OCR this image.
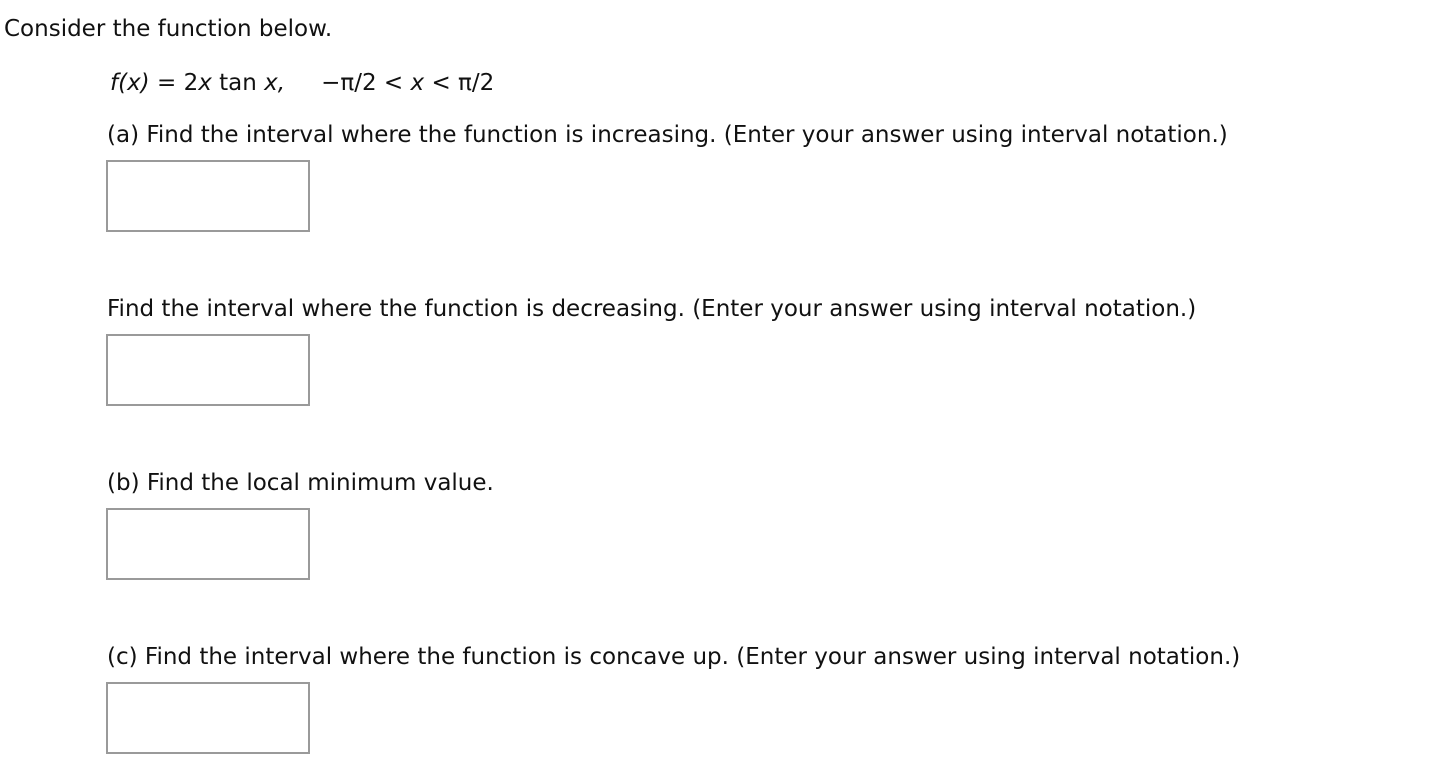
Consider the function below.
f(x) = 2x tan x, −π/2 < x < π/2
(a) Find the interval where the function is increasing. (Enter your answer using interval notation.)
Find the interval where the function is decreasing. (Enter your answer using interval notation.)
(b) Find the local minimum value.
(c) Find the interval where the function is concave up. (Enter your answer using interval notation.)
